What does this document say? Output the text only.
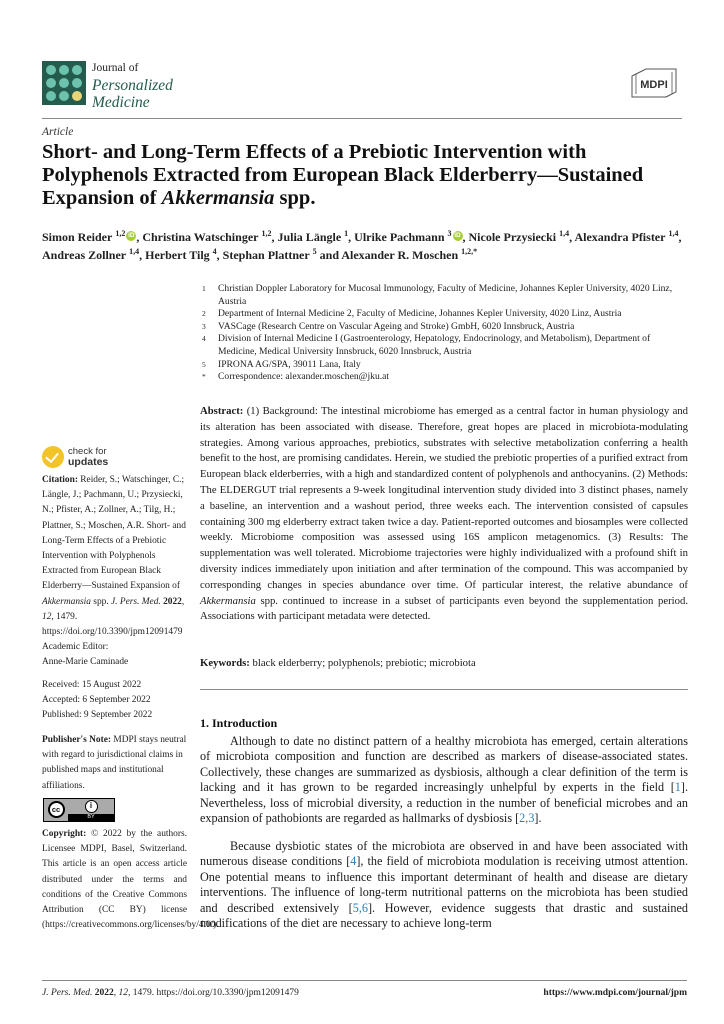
Journal of
Personalized
Medicine
MDPI
Article
Short- and Long-Term Effects of a Prebiotic Intervention with Polyphenols Extracted from European Black Elderberry—Sustained Expansion of Akkermansia spp.
Simon Reider $^{1,2}$ iD , Christina Watschinger $^{1,2}$, Julia Längle $^1$, Ulrike Pachmann $^3$ iD , Nicole Przysiecki $^{1,4}$, Alexandra Pfister $^{1,4}$, Andreas Zollner $^{1,4}$, Herbert Tilg $^4$, Stephan Plattner $^5$ and Alexander R. Moschen $^{1,2,*}$
1	Christian Doppler Laboratory for Mucosal Immunology, Faculty of Medicine, Johannes Kepler University, 4020 Linz, Austria
2	Department of Internal Medicine 2, Faculty of Medicine, Johannes Kepler University, 4020 Linz, Austria
3	VASCage (Research Centre on Vascular Ageing and Stroke) GmbH, 6020 Innsbruck, Austria
4	Division of Internal Medicine I (Gastroenterology, Hepatology, Endocrinology, and Metabolism), Department of Medicine, Medical University Innsbruck, 6020 Innsbruck, Austria
5	IPRONA AG/SPA, 39011 Lana, Italy
*	Correspondence: alexander.moschen@jku.at
check for
updates
Citation: Reider, S.; Watschinger, C.; Längle, J.; Pachmann, U.; Przysiecki, N.; Pfister, A.; Zollner, A.; Tilg, H.; Plattner, S.; Moschen, A.R. Short- and Long-Term Effects of a Prebiotic Intervention with Polyphenols Extracted from European Black Elderberry—Sustained Expansion of Akkermansia spp. J. Pers. Med. 2022, 12, 1479. https://doi.org/10.3390/jpm12091479
Academic Editor:
Anne-Marie Caminade
Received: 15 August 2022
Accepted: 6 September 2022
Published: 9 September 2022
Publisher's Note: MDPI stays neutral with regard to jurisdictional claims in published maps and institutional affiliations.
cc	i
BY
Copyright: © 2022 by the authors. Licensee MDPI, Basel, Switzerland. This article is an open access article distributed under the terms and conditions of the Creative Commons Attribution (CC BY) license (https://creativecommons.org/licenses/by/4.0/).
Abstract: (1) Background: The intestinal microbiome has emerged as a central factor in human physiology and its alteration has been associated with disease. Therefore, great hopes are placed in microbiota-modulating strategies. Among various approaches, prebiotics, substrates with selective metabolization conferring a health benefit to the host, are promising candidates. Herein, we studied the prebiotic properties of a purified extract from European black elderberries, with a high and standardized content of polyphenols and anthocyanins. (2) Methods: The ELDERGUT trial represents a 9-week longitudinal intervention study divided into 3 distinct phases, namely a baseline, an intervention and a washout period, three weeks each. The intervention consisted of capsules containing 300 mg elderberry extract taken twice a day. Patient-reported outcomes and biosamples were collected weekly. Microbiome composition was assessed using 16S amplicon metagenomics. (3) Results: The supplementation was well tolerated. Microbiome trajectories were highly individualized with a profound shift in diversity indices immediately upon initiation and after termination of the compound. This was accompanied by corresponding changes in species abundance over time. Of particular interest, the relative abundance of Akkermansia spp. continued to increase in a subset of participants even beyond the supplementation period. Associations with participant metadata were detected.
Keywords: black elderberry; polyphenols; prebiotic; microbiota
1. Introduction

Although to date no distinct pattern of a healthy microbiota has emerged, certain alterations of microbiota composition and function are described as markers of disease-associated states. Collectively, these changes are summarized as dysbiosis, although a clear definition of the term is lacking and it has grown to be regarded increasingly unhelpful by experts in the field [1]. Nevertheless, loss of microbial diversity, a reduction in the number of beneficial microbes and an expansion of pathobionts are regarded as hallmarks of dysbiosis [2,3].

Because dysbiotic states of the microbiota are observed in and have been associated with numerous disease conditions [4], the field of microbiota modulation is receiving utmost attention. One potential means to influence this important determinant of health and disease are dietary interventions. The influence of long-term nutritional patterns on the microbiota has been studied and described extensively [5,6]. However, evidence suggests that drastic and sustained modifications of the diet are necessary to achieve long-term

J. Pers. Med. 2022, 12, 1479. https://doi.org/10.3390/jpm12091479	https://www.mdpi.com/journal/jpm
